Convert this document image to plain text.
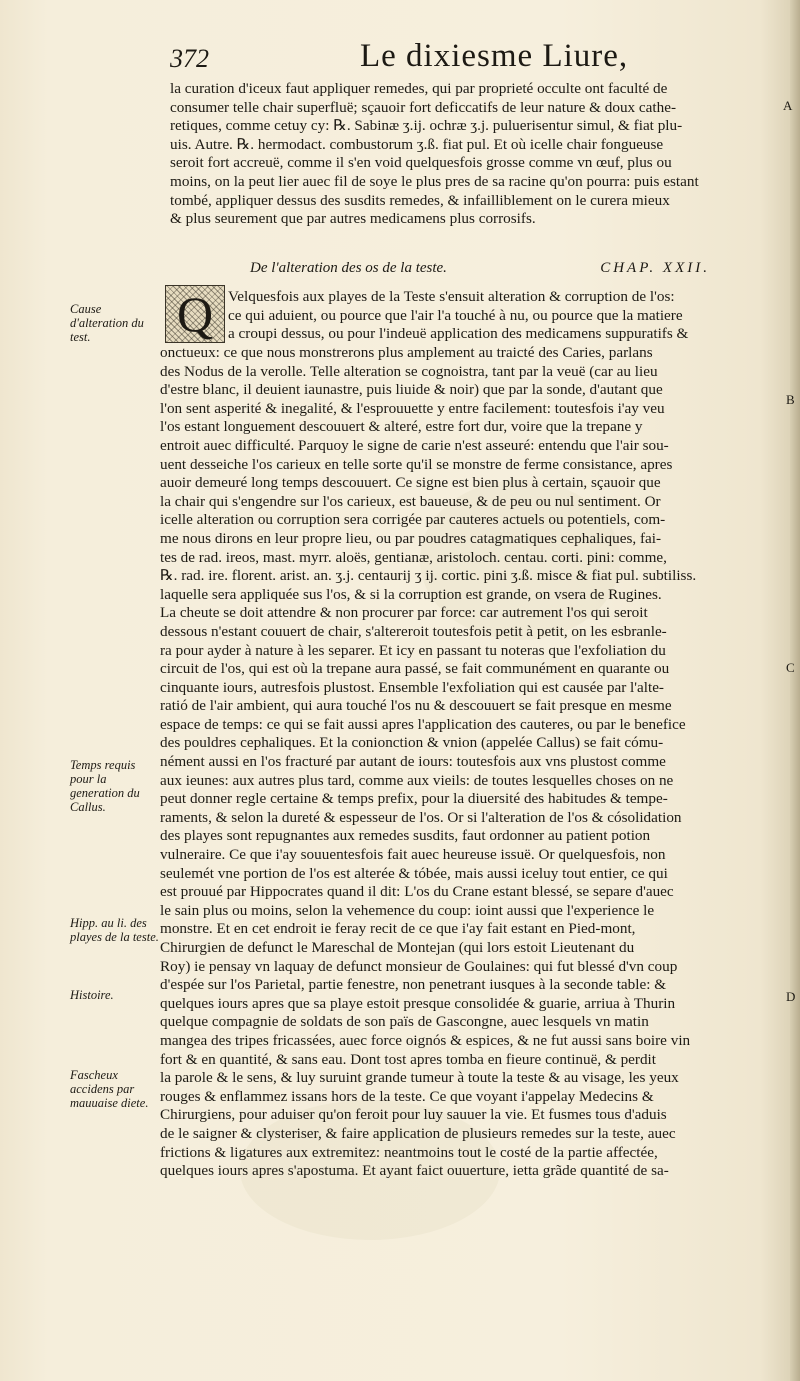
372	Le dixiesme Liure,
la curation d'iceux faut appliquer remedes, qui par proprieté occulte ont faculté de
consumer telle chair superfluë; sçauoir fort deficcatifs de leur nature & doux cathe-
retiques, comme cetuy cy: ℞. Sabinæ ʒ.ij. ochræ ʒ.j. puluerisentur simul, & fiat plu-
uis. Autre. ℞. hermodact. combustorum ʒ.ß. fiat pul. Et où icelle chair fongueuse
seroit fort accreuë, comme il s'en void quelquesfois grosse comme vn œuf, plus ou
moins, on la peut lier auec fil de soye le plus pres de sa racine qu'on pourra: puis estant
tombé, appliquer dessus des susdits remedes, & infailliblement on le curera mieux
& plus seurement que par autres medicamens plus corrosifs.
De l'alteration des os de la teste.	CHAP. XXII.
Q Velquesfois aux playes de la Teste s'ensuit alteration & corruption de l'os:
ce qui aduient, ou pource que l'air l'a touché à nu, ou pource que la matiere
a croupi dessus, ou pour l'indeuë application des medicamens suppuratifs &
onctueux: ce que nous monstrerons plus amplement au traicté des Caries, parlans
des Nodus de la verolle. Telle alteration se cognoistra, tant par la veuë (car au lieu
d'estre blanc, il deuient iaunastre, puis liuide & noir) que par la sonde, d'autant que
l'on sent asperité & inegalité, & l'esprouuette y entre facilement: toutesfois i'ay veu
l'os estant longuement descouuert & alteré, estre fort dur, voire que la trepane y
entroit auec difficulté. Parquoy le signe de carie n'est asseuré: entendu que l'air sou-
uent desseiche l'os carieux en telle sorte qu'il se monstre de ferme consistance, apres
auoir demeuré long temps descouuert. Ce signe est bien plus à certain, sçauoir que
la chair qui s'engendre sur l'os carieux, est baueuse, & de peu ou nul sentiment. Or
icelle alteration ou corruption sera corrigée par cauteres actuels ou potentiels, com-
me nous dirons en leur propre lieu, ou par poudres catagmatiques cephaliques, fai-
tes de rad. ireos, mast. myrr. aloës, gentianæ, aristoloch. centau. corti. pini: comme,
℞. rad. ire. florent. arist. an. ʒ.j. centaurij ʒ ij. cortic. pini ʒ.ß. misce & fiat pul. subtiliss.
laquelle sera appliquée sus l'os, & si la corruption est grande, on vsera de Rugines.
La cheute se doit attendre & non procurer par force: car autrement l'os qui seroit
dessous n'estant couuert de chair, s'altereroit toutesfois petit à petit, on les esbranle-
ra pour ayder à nature à les separer. Et icy en passant tu noteras que l'exfoliation du
circuit de l'os, qui est où la trepane aura passé, se fait communément en quarante ou
cinquante iours, autresfois plustost. Ensemble l'exfoliation qui est causée par l'alte-
ratió de l'air ambient, qui aura touché l'os nu & descouuert se fait presque en mesme
espace de temps: ce qui se fait aussi apres l'application des cauteres, ou par le benefice
des pouldres cephaliques. Et la conionction & vnion (appelée Callus) se fait cómu-
nément aussi en l'os fracturé par autant de iours: toutesfois aux vns plustost comme
aux ieunes: aux autres plus tard, comme aux vieils: de toutes lesquelles choses on ne
peut donner regle certaine & temps prefix, pour la diuersité des habitudes & tempe-
raments, & selon la dureté & espesseur de l'os. Or si l'alteration de l'os & cósolidation
des playes sont repugnantes aux remedes susdits, faut ordonner au patient potion
vulneraire. Ce que i'ay souuentesfois fait auec heureuse issuë. Or quelquesfois, non
seulemét vne portion de l'os est alterée & tóbée, mais aussi iceluy tout entier, ce qui
est prouué par Hippocrates quand il dit: L'os du Crane estant blessé, se separe d'auec
le sain plus ou moins, selon la vehemence du coup: ioint aussi que l'experience le
monstre. Et en cet endroit ie feray recit de ce que i'ay fait estant en Pied-mont,
Chirurgien de defunct le Mareschal de Montejan (qui lors estoit Lieutenant du
Roy) ie pensay vn laquay de defunct monsieur de Goulaines: qui fut blessé d'vn coup
d'espée sur l'os Parietal, partie fenestre, non penetrant iusques à la seconde table: &
quelques iours apres que sa playe estoit presque consolidée & guarie, arriua à Thurin
quelque compagnie de soldats de son païs de Gascongne, auec lesquels vn matin
mangea des tripes fricassées, auec force oignós & espices, & ne fut aussi sans boire vin
fort & en quantité, & sans eau. Dont tost apres tomba en fieure continuë, & perdit
la parole & le sens, & luy suruint grande tumeur à toute la teste & au visage, les yeux
rouges & enflammez issans hors de la teste. Ce que voyant i'appelay Medecins &
Chirurgiens, pour aduiser qu'on feroit pour luy sauuer la vie. Et fusmes tous d'aduis
de le saigner & clysteriser, & faire application de plusieurs remedes sur la teste, auec
frictions & ligatures aux extremitez: neantmoins tout le costé de la partie affectée,
quelques iours apres s'apostuma. Et ayant faict ouuerture, ietta grãde quantité de sa-
Cause d'alteration du test.
Temps requis pour la generation du Callus.
Hipp. au li. des playes de la teste.
Histoire.
Fascheux accidens par mauuaise diete.
A
B
C
D
